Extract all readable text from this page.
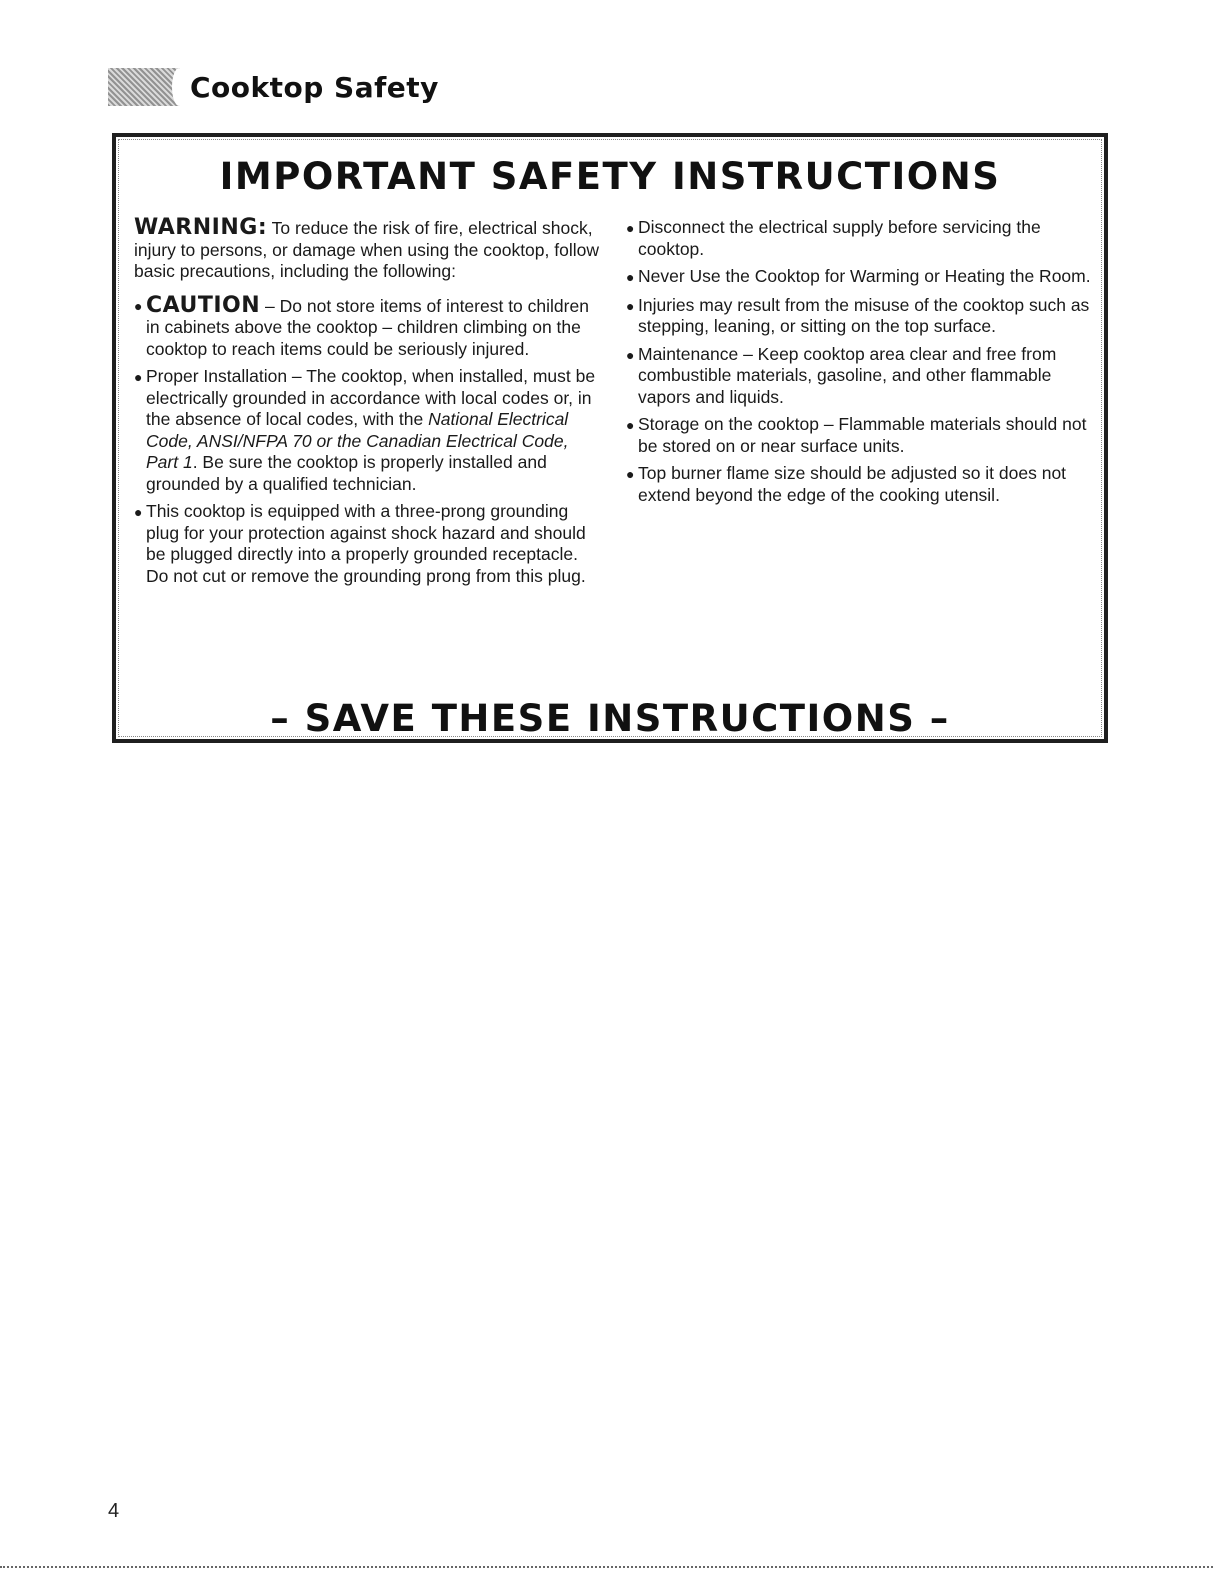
Cooktop Safety
IMPORTANT SAFETY INSTRUCTIONS

WARNING: To reduce the risk of fire, electrical shock, injury to persons, or damage when using the cooktop, follow basic precautions, including the following:

● CAUTION – Do not store items of interest to children in cabinets above the cooktop – children climbing on the cooktop to reach items could be seriously injured.
● Proper Installation – The cooktop, when installed, must be electrically grounded in accordance with local codes or, in the absence of local codes, with the National Electrical Code, ANSI/NFPA 70 or the Canadian Electrical Code, Part 1. Be sure the cooktop is properly installed and grounded by a qualified technician.
● This cooktop is equipped with a three-prong grounding plug for your protection against shock hazard and should be plugged directly into a properly grounded receptacle. Do not cut or remove the grounding prong from this plug.
● Disconnect the electrical supply before servicing the cooktop.
● Never Use the Cooktop for Warming or Heating the Room.
● Injuries may result from the misuse of the cooktop such as stepping, leaning, or sitting on the top surface.
● Maintenance – Keep cooktop area clear and free from combustible materials, gasoline, and other flammable vapors and liquids.
● Storage on the cooktop – Flammable materials should not be stored on or near surface units.
● Top burner flame size should be adjusted so it does not extend beyond the edge of the cooking utensil.
– SAVE THESE INSTRUCTIONS –
4
